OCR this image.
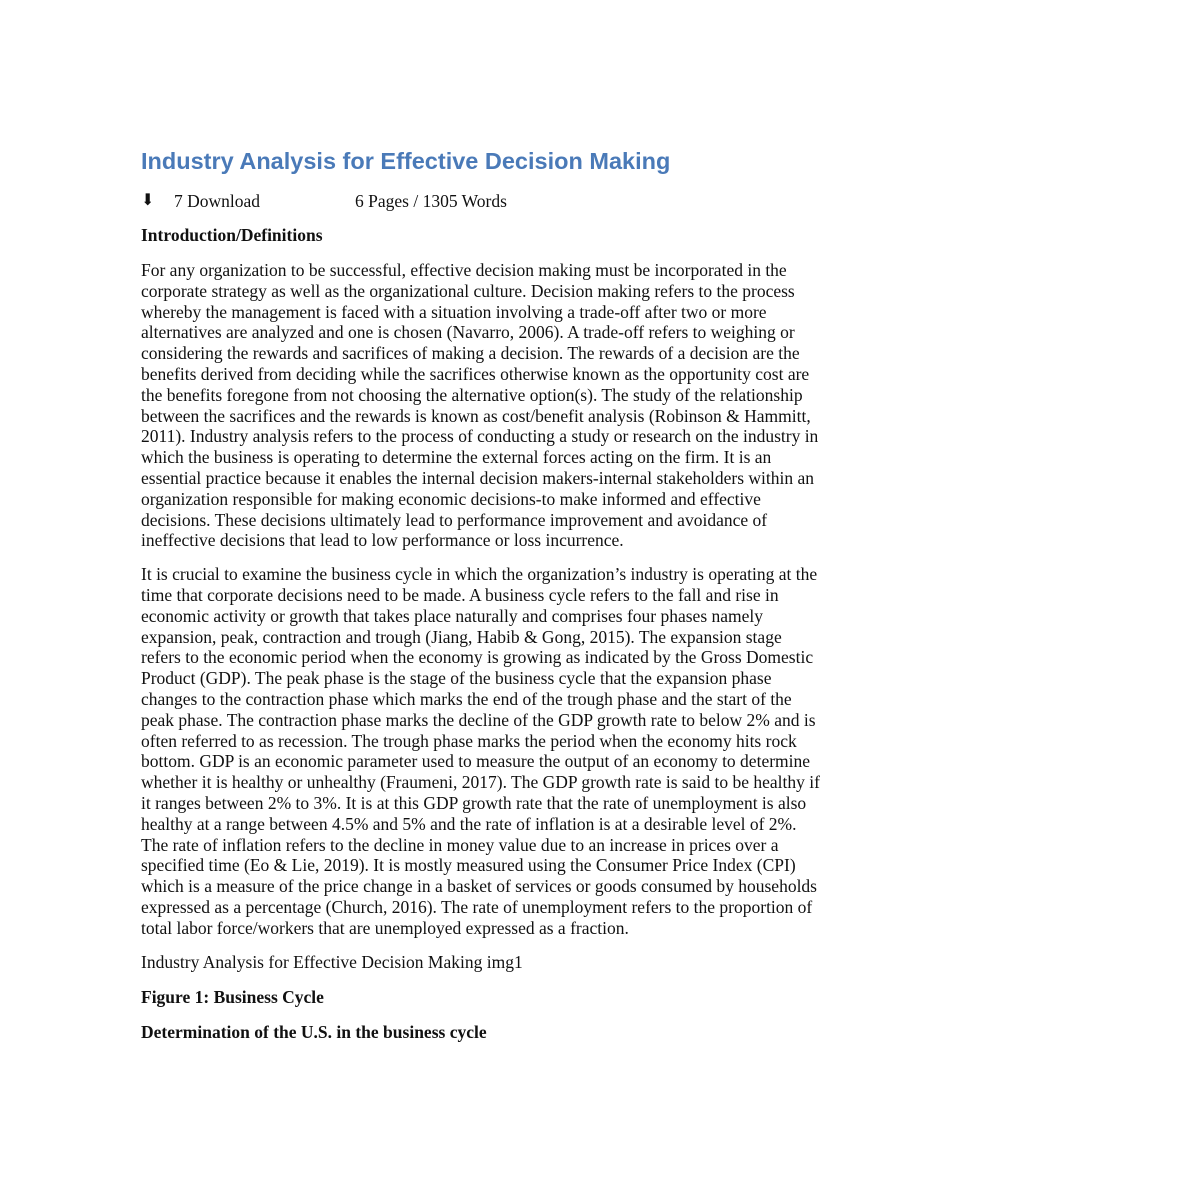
Industry Analysis for Effective Decision Making
⬇	7 Download	6 Pages / 1305 Words
Introduction/Definitions

For any organization to be successful, effective decision making must be incorporated in the
corporate strategy as well as the organizational culture. Decision making refers to the process
whereby the management is faced with a situation involving a trade-off after two or more
alternatives are analyzed and one is chosen (Navarro, 2006). A trade-off refers to weighing or
considering the rewards and sacrifices of making a decision. The rewards of a decision are the
benefits derived from deciding while the sacrifices otherwise known as the opportunity cost are
the benefits foregone from not choosing the alternative option(s). The study of the relationship
between the sacrifices and the rewards is known as cost/benefit analysis (Robinson & Hammitt,
2011). Industry analysis refers to the process of conducting a study or research on the industry in
which the business is operating to determine the external forces acting on the firm. It is an
essential practice because it enables the internal decision makers-internal stakeholders within an
organization responsible for making economic decisions-to make informed and effective
decisions. These decisions ultimately lead to performance improvement and avoidance of
ineffective decisions that lead to low performance or loss incurrence.

It is crucial to examine the business cycle in which the organization’s industry is operating at the
time that corporate decisions need to be made. A business cycle refers to the fall and rise in
economic activity or growth that takes place naturally and comprises four phases namely
expansion, peak, contraction and trough (Jiang, Habib & Gong, 2015). The expansion stage
refers to the economic period when the economy is growing as indicated by the Gross Domestic
Product (GDP). The peak phase is the stage of the business cycle that the expansion phase
changes to the contraction phase which marks the end of the trough phase and the start of the
peak phase. The contraction phase marks the decline of the GDP growth rate to below 2% and is
often referred to as recession. The trough phase marks the period when the economy hits rock
bottom. GDP is an economic parameter used to measure the output of an economy to determine
whether it is healthy or unhealthy (Fraumeni, 2017). The GDP growth rate is said to be healthy if
it ranges between 2% to 3%. It is at this GDP growth rate that the rate of unemployment is also
healthy at a range between 4.5% and 5% and the rate of inflation is at a desirable level of 2%.
The rate of inflation refers to the decline in money value due to an increase in prices over a
specified time (Eo & Lie, 2019). It is mostly measured using the Consumer Price Index (CPI)
which is a measure of the price change in a basket of services or goods consumed by households
expressed as a percentage (Church, 2016). The rate of unemployment refers to the proportion of
total labor force/workers that are unemployed expressed as a fraction.

Industry Analysis for Effective Decision Making img1

Figure 1: Business Cycle

Determination of the U.S. in the business cycle
